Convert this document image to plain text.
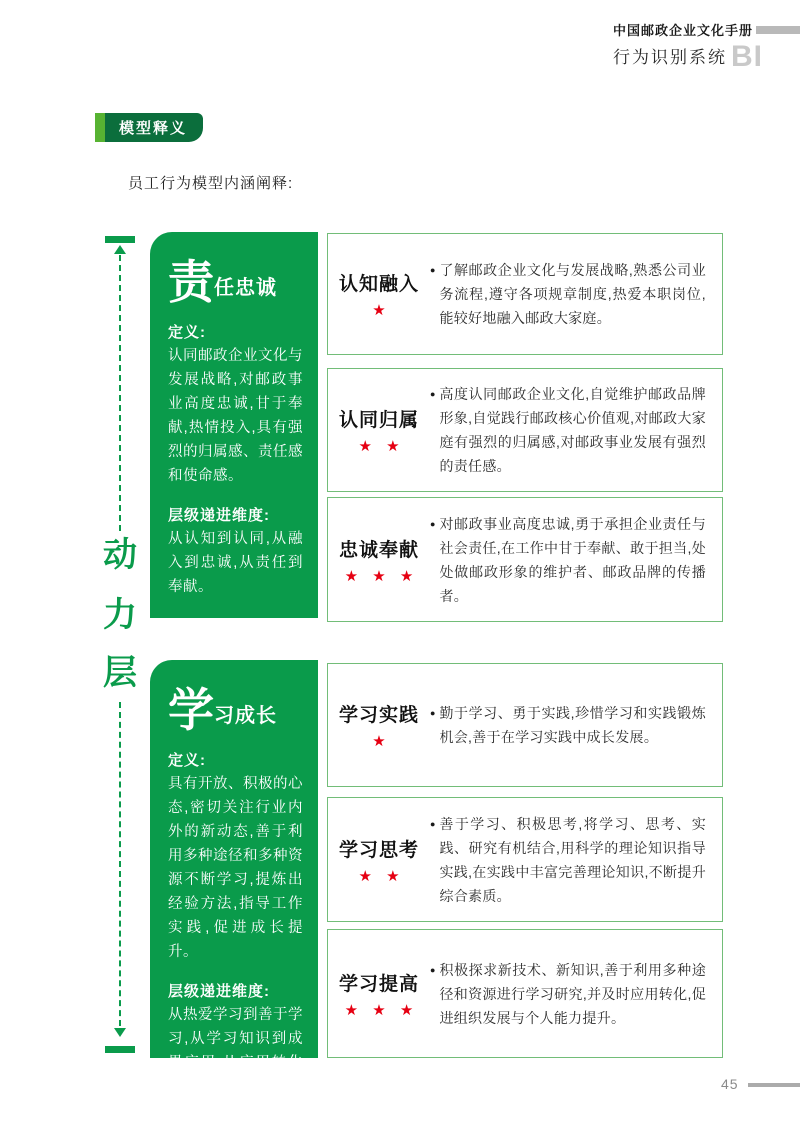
中国邮政企业文化手册
行为识别系统 BI
模型释义

员工行为模型内涵阐释:

动
力
层
责 任忠诚

定义:

认同邮政企业文化与发展战略,对邮政事业高度忠诚,甘于奉献,热情投入,具有强烈的归属感、责任感和使命感。

层级递进维度:

从认知到认同,从融入到忠诚,从责任到奉献。

学 习成长

定义:

具有开放、积极的心态,密切关注行业内外的新动态,善于利用多种途径和多种资源不断学习,提炼出经验方法,指导工作实践,促进成长提升。

层级递进维度:

从热爱学习到善于学习,从学习知识到成果应用,从应用转化到能力提升。

认知融入
★
● 了解邮政企业文化与发展战略,熟悉公司业务流程,遵守各项规章制度,热爱本职岗位,能较好地融入邮政大家庭。

认同归属
★ ★
● 高度认同邮政企业文化,自觉维护邮政品牌形象,自觉践行邮政核心价值观,对邮政大家庭有强烈的归属感,对邮政事业发展有强烈的责任感。

忠诚奉献
★ ★ ★
● 对邮政事业高度忠诚,勇于承担企业责任与社会责任,在工作中甘于奉献、敢于担当,处处做邮政形象的维护者、邮政品牌的传播者。

学习实践
★
● 勤于学习、勇于实践,珍惜学习和实践锻炼机会,善于在学习实践中成长发展。

学习思考
★ ★
● 善于学习、积极思考,将学习、思考、实践、研究有机结合,用科学的理论知识指导实践,在实践中丰富完善理论知识,不断提升综合素质。

学习提高
★ ★ ★
● 积极探求新技术、新知识,善于利用多种途径和资源进行学习研究,并及时应用转化,促进组织发展与个人能力提升。

45
